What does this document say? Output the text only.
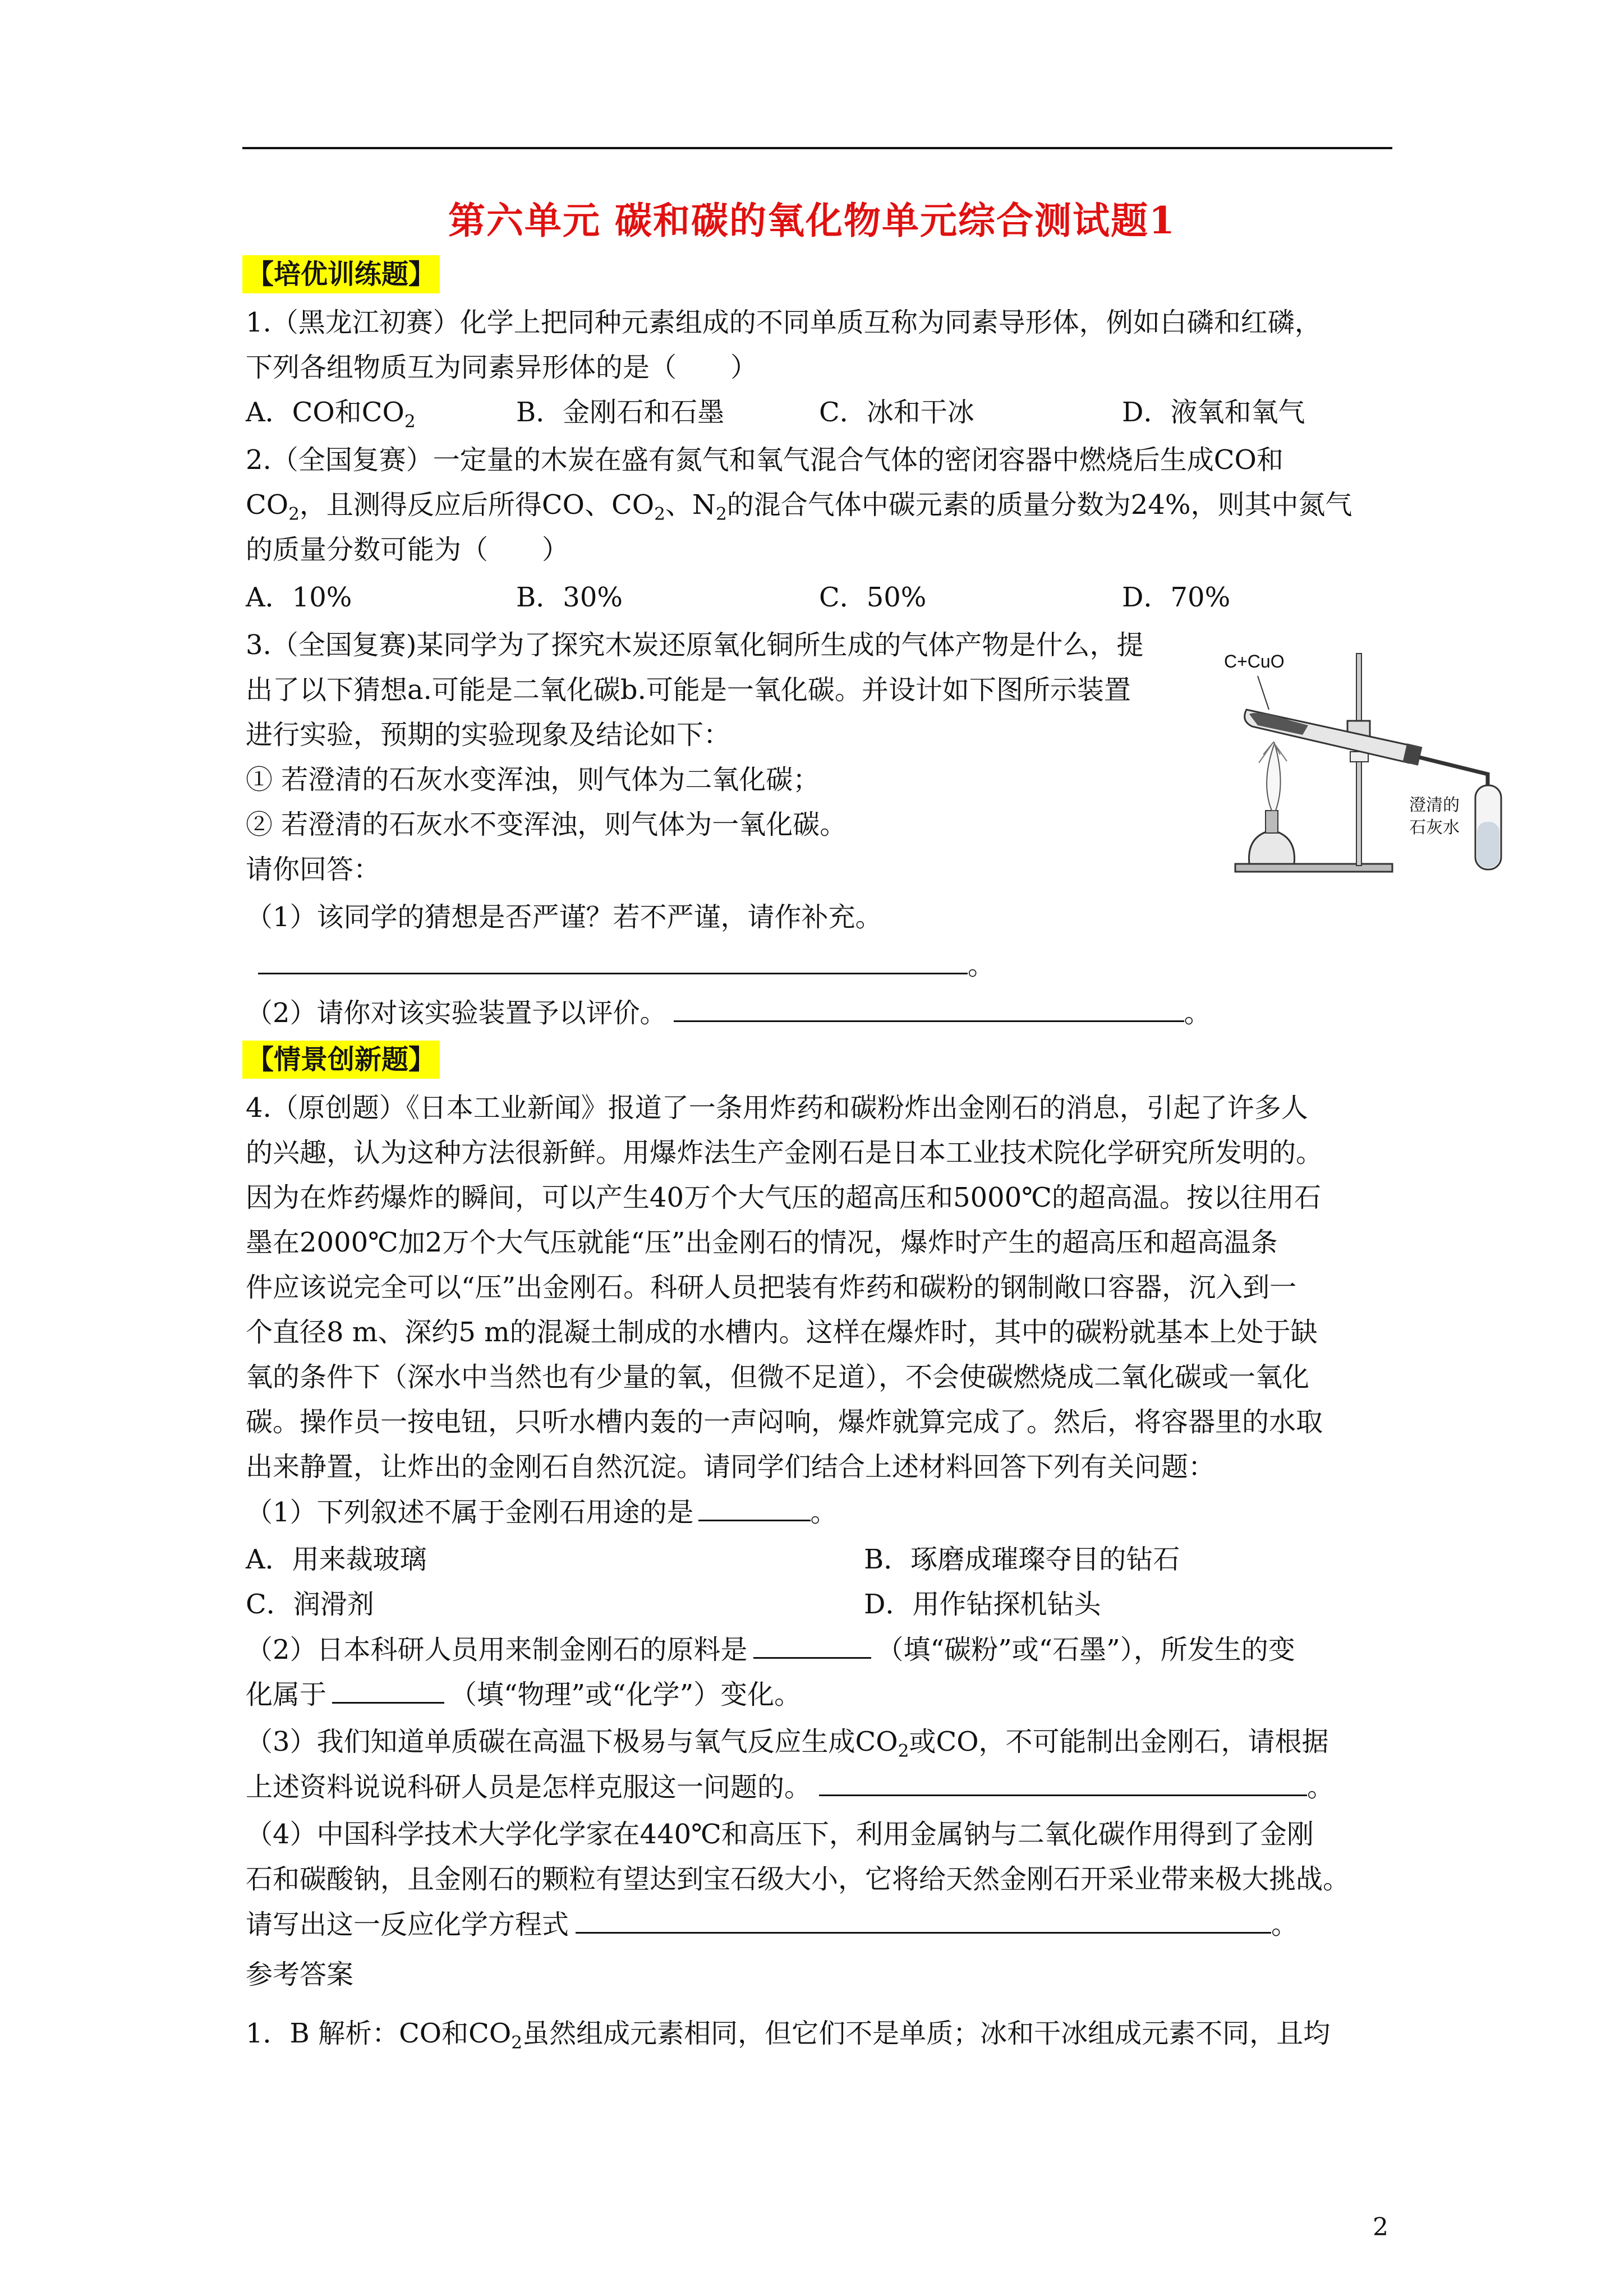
第六单元 碳和碳的氧化物单元综合测试题1
【培优训练题】
1.（黑龙江初赛）化学上把同种元素组成的不同单质互称为同素导形体，例如白磷和红磷，
下列各组物质互为同素异形体的是（　　）
A．CO和$CO_2$	B．金刚石和石墨	C．冰和干冰	D．液氧和氧气
2.（全国复赛）一定量的木炭在盛有氮气和氧气混合气体的密闭容器中燃烧后生成CO和
$CO_2$，且测得反应后所得CO、$CO_2$、$N_2$的混合气体中碳元素的质量分数为24%，则其中氮气
的质量分数可能为（　　）
A．10%	B．30%	C．50%	D．70%
3.（全国复赛)某同学为了探究木炭还原氧化铜所生成的气体产物是什么，提
出了以下猜想a.可能是二氧化碳b.可能是一氧化碳。并设计如下图所示装置
进行实验，预期的实验现象及结论如下：
① 若澄清的石灰水变浑浊，则气体为二氧化碳；
② 若澄清的石灰水不变浑浊，则气体为一氧化碳。
请你回答：
（1）该同学的猜想是否严谨？若不严谨，请作补充。
。
（2）请你对该实验装置予以评价。	。
C+CuO
澄清的
石灰水
【情景创新题】
4.（原创题）《日本工业新闻》报道了一条用炸药和碳粉炸出金刚石的消息，引起了许多人
的兴趣，认为这种方法很新鲜。用爆炸法生产金刚石是日本工业技术院化学研究所发明的。
因为在炸药爆炸的瞬间，可以产生40万个大气压的超高压和5000℃的超高温。按以往用石
墨在2000℃加2万个大气压就能“压”出金刚石的情况，爆炸时产生的超高压和超高温条
件应该说完全可以“压”出金刚石。科研人员把装有炸药和碳粉的钢制敞口容器，沉入到一
个直径8 m、深约5 m的混凝土制成的水槽内。这样在爆炸时，其中的碳粉就基本上处于缺
氧的条件下（深水中当然也有少量的氧，但微不足道），不会使碳燃烧成二氧化碳或一氧化
碳。操作员一按电钮，只听水槽内轰的一声闷响，爆炸就算完成了。然后，将容器里的水取
出来静置，让炸出的金刚石自然沉淀。请同学们结合上述材料回答下列有关问题：
（1）下列叙述不属于金刚石用途的是	。
A．用来裁玻璃	B．琢磨成璀璨夺目的钻石
C．润滑剂	D．用作钻探机钻头
（2）日本科研人员用来制金刚石的原料是	（填“碳粉”或“石墨”），所发生的变
化属于	（填“物理”或“化学”）变化。
（3）我们知道单质碳在高温下极易与氧气反应生成$CO_2$或CO，不可能制出金刚石，请根据
上述资料说说科研人员是怎样克服这一问题的。	。
（4）中国科学技术大学化学家在440℃和高压下，利用金属钠与二氧化碳作用得到了金刚
石和碳酸钠，且金刚石的颗粒有望达到宝石级大小，它将给天然金刚石开采业带来极大挑战。
请写出这一反应化学方程式	。
参考答案
1．B 解析：CO和$CO_2$虽然组成元素相同，但它们不是单质；冰和干冰组成元素不同，且均
2
